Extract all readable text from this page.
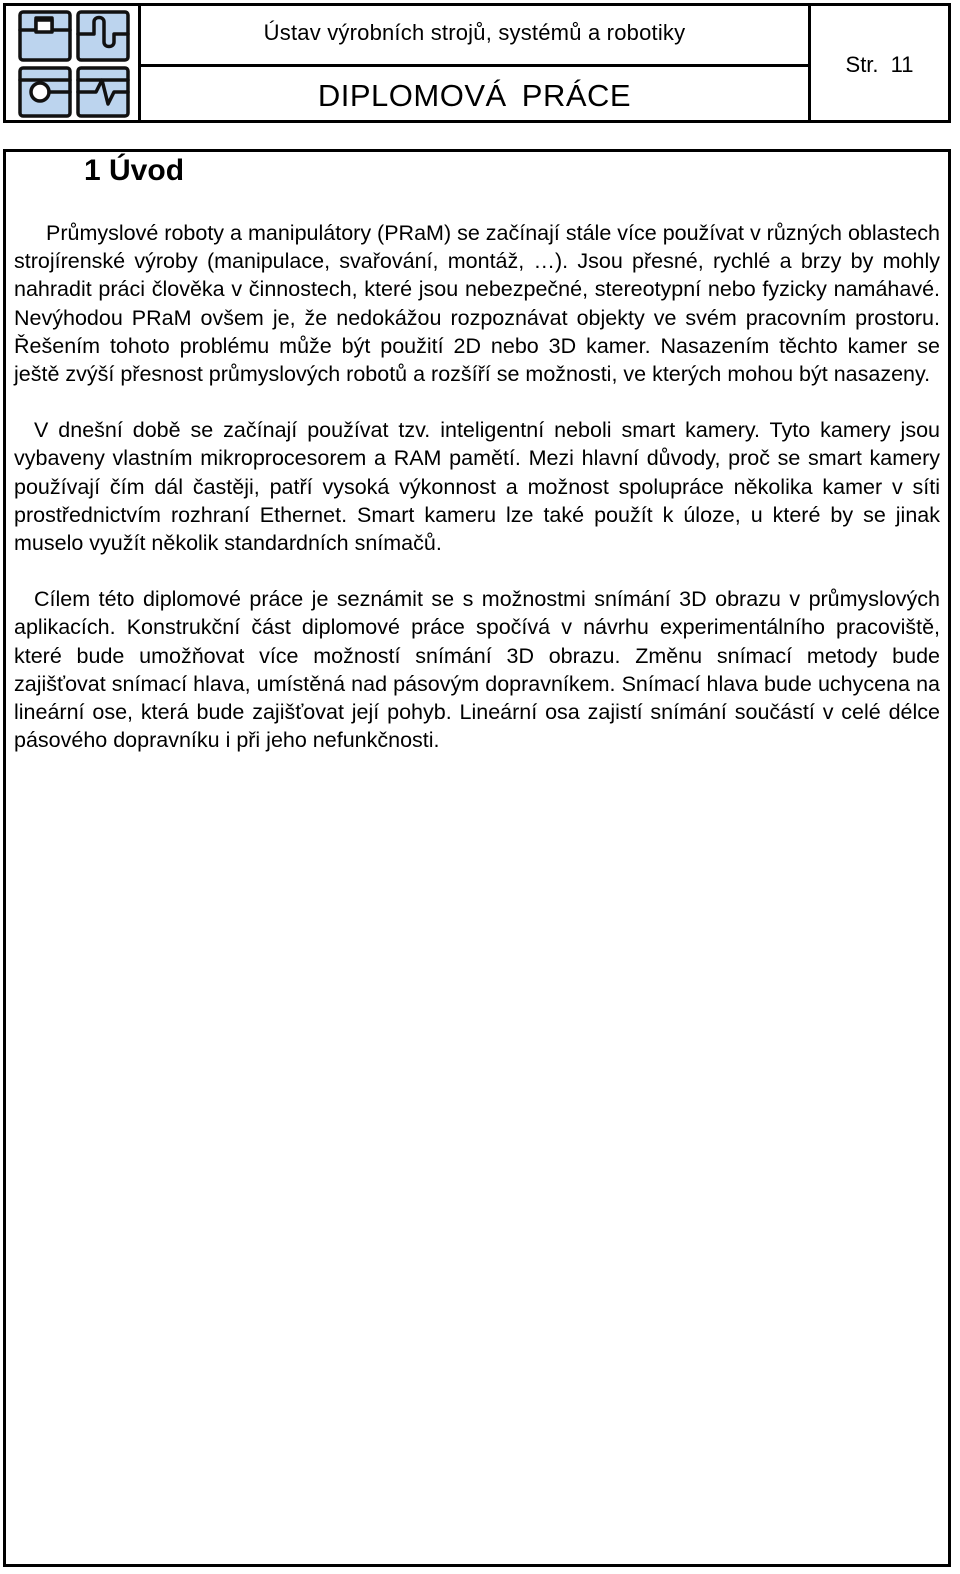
Ústav výrobních strojů, systémů a robotiky
DIPLOMOVÁ PRÁCE
Str. 11
1 Úvod

Průmyslové roboty a manipulátory (PRaM) se začínají stále více používat v různých oblastech strojírenské výroby (manipulace, svařování, montáž, …). Jsou přesné, rychlé a brzy by mohly nahradit práci člověka v činnostech, které jsou nebezpečné, stereotypní nebo fyzicky namáhavé. Nevýhodou PRaM ovšem je, že nedokážou rozpoznávat objekty ve svém pracovním prostoru. Řešením tohoto problému může být použití 2D nebo 3D kamer. Nasazením těchto kamer se ještě zvýší přesnost průmyslových robotů a rozšíří se možnosti, ve kterých mohou být nasazeny.

V dnešní době se začínají používat tzv. inteligentní neboli smart kamery. Tyto kamery jsou vybaveny vlastním mikroprocesorem a RAM pamětí. Mezi hlavní důvody, proč se smart kamery používají čím dál častěji, patří vysoká výkonnost a možnost spolupráce několika kamer v síti prostřednictvím rozhraní Ethernet. Smart kameru lze také použít k úloze, u které by se jinak muselo využít několik standardních snímačů.

Cílem této diplomové práce je seznámit se s možnostmi snímání 3D obrazu v průmyslových aplikacích. Konstrukční část diplomové práce spočívá v návrhu experimentálního pracoviště, které bude umožňovat více možností snímání 3D obrazu. Změnu snímací metody bude zajišťovat snímací hlava, umístěná nad pásovým dopravníkem. Snímací hlava bude uchycena na lineární ose, která bude zajišťovat její pohyb. Lineární osa zajistí snímání součástí v celé délce pásového dopravníku i při jeho nefunkčnosti.
